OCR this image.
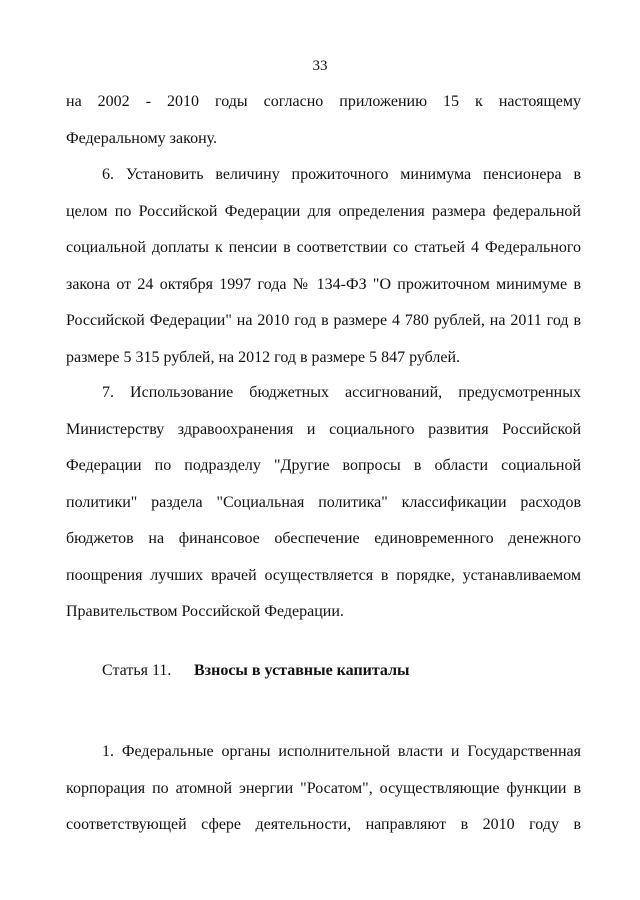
33
на 2002 - 2010 годы согласно приложению 15 к настоящему
Федеральному закону.
6. Установить величину прожиточного минимума пенсионера в
целом по Российской Федерации для определения размера федеральной
социальной доплаты к пенсии в соответствии со статьей 4 Федерального
закона от 24 октября 1997 года № 134-ФЗ "О прожиточном минимуме в
Российской Федерации" на 2010 год в размере 4 780 рублей, на 2011 год в
размере 5 315 рублей, на 2012 год в размере 5 847 рублей.
7. Использование бюджетных ассигнований, предусмотренных
Министерству здравоохранения и социального развития Российской
Федерации по подразделу "Другие вопросы в области социальной
политики" раздела "Социальная политика" классификации расходов
бюджетов на финансовое обеспечение единовременного денежного
поощрения лучших врачей осуществляется в порядке, устанавливаемом
Правительством Российской Федерации.
Статья 11. Взносы в уставные капиталы
1. Федеральные органы исполнительной власти и Государственная
корпорация по атомной энергии "Росатом", осуществляющие функции в
соответствующей сфере деятельности, направляют в 2010 году в
